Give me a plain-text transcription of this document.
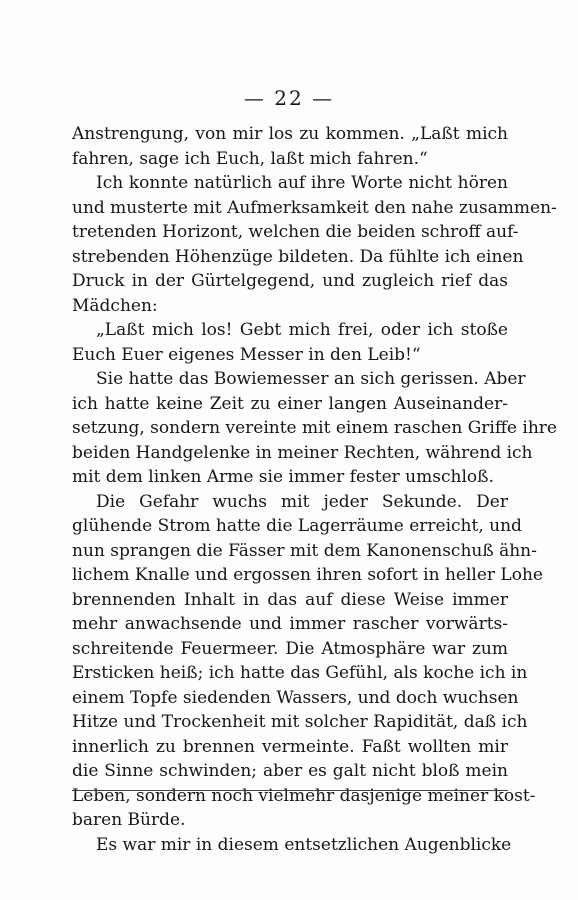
— 22 —
Anstrengung, von mir los zu kommen. „Laßt mich
fahren, sage ich Euch, laßt mich fahren.“
Ich konnte natürlich auf ihre Worte nicht hören
und musterte mit Aufmerksamkeit den nahe zusammen-
tretenden Horizont, welchen die beiden schroff auf-
strebenden Höhenzüge bildeten. Da fühlte ich einen
Druck in der Gürtelgegend, und zugleich rief das
Mädchen:
„Laßt mich los! Gebt mich frei, oder ich stoße
Euch Euer eigenes Messer in den Leib!“
Sie hatte das Bowiemesser an sich gerissen. Aber
ich hatte keine Zeit zu einer langen Auseinander-
setzung, sondern vereinte mit einem raschen Griffe ihre
beiden Handgelenke in meiner Rechten, während ich
mit dem linken Arme sie immer fester umschloß.
Die Gefahr wuchs mit jeder Sekunde. Der
glühende Strom hatte die Lagerräume erreicht, und
nun sprangen die Fässer mit dem Kanonenschuß ähn-
lichem Knalle und ergossen ihren sofort in heller Lohe
brennenden Inhalt in das auf diese Weise immer
mehr anwachsende und immer rascher vorwärts-
schreitende Feuermeer. Die Atmosphäre war zum
Ersticken heiß; ich hatte das Gefühl, als koche ich in
einem Topfe siedenden Wassers, und doch wuchsen
Hitze und Trockenheit mit solcher Rapidität, daß ich
innerlich zu brennen vermeinte. Faßt wollten mir
die Sinne schwinden; aber es galt nicht bloß mein
Leben, sondern noch vielmehr dasjenige meiner kost-
baren Bürde.
Es war mir in diesem entsetzlichen Augenblicke
